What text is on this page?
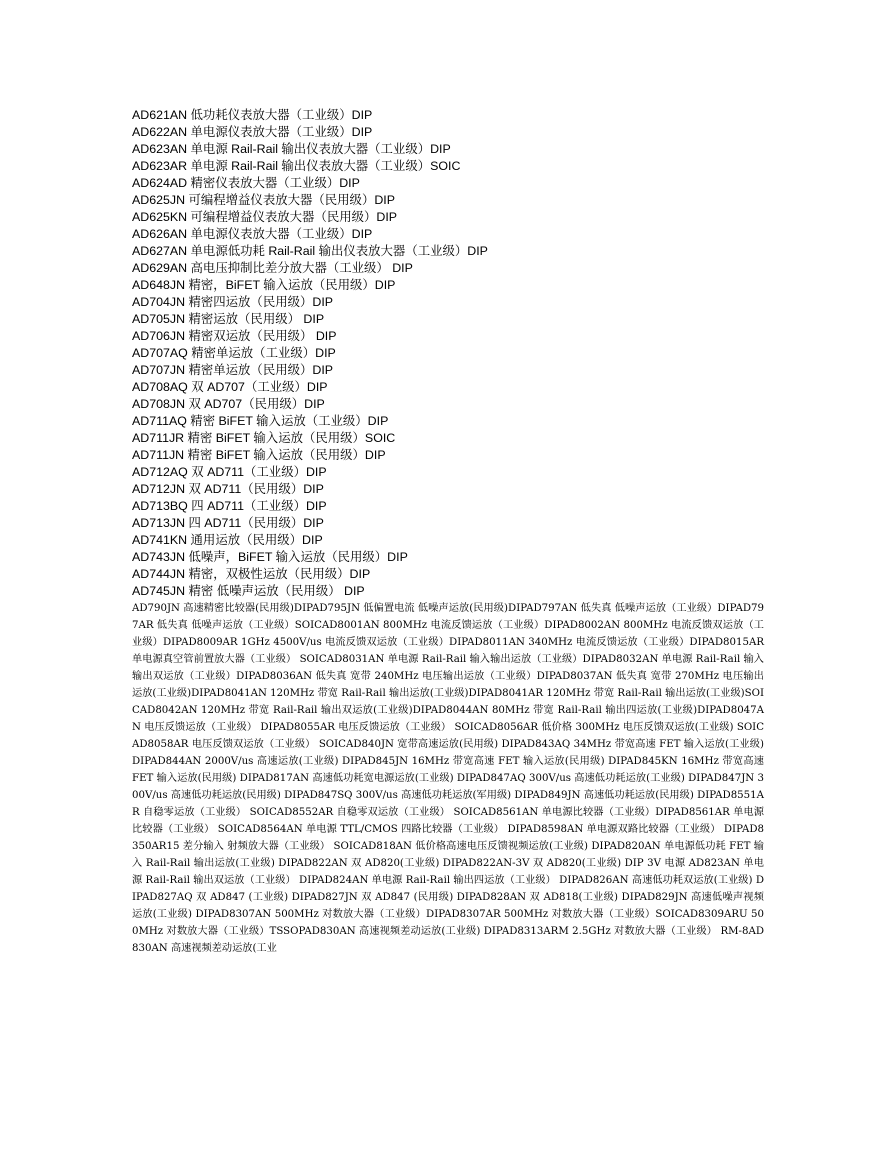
AD621AN 低功耗仪表放大器（工业级）DIP
AD622AN 单电源仪表放大器（工业级）DIP
AD623AN 单电源 Rail-Rail 输出仪表放大器（工业级）DIP
AD623AR 单电源 Rail-Rail 输出仪表放大器（工业级）SOIC
AD624AD 精密仪表放大器（工业级）DIP
AD625JN 可编程增益仪表放大器（民用级）DIP
AD625KN 可编程增益仪表放大器（民用级）DIP
AD626AN 单电源仪表放大器（工业级）DIP
AD627AN 单电源低功耗 Rail-Rail 输出仪表放大器（工业级）DIP
AD629AN 高电压抑制比差分放大器（工业级） DIP
AD648JN 精密，BiFET 输入运放（民用级）DIP
AD704JN 精密四运放（民用级）DIP
AD705JN 精密运放（民用级） DIP
AD706JN 精密双运放（民用级） DIP
AD707AQ 精密单运放（工业级）DIP
AD707JN 精密单运放（民用级）DIP
AD708AQ 双 AD707（工业级）DIP
AD708JN 双 AD707（民用级）DIP
AD711AQ 精密 BiFET 输入运放（工业级）DIP
AD711JR 精密 BiFET 输入运放（民用级）SOIC
AD711JN 精密 BiFET 输入运放（民用级）DIP
AD712AQ 双 AD711（工业级）DIP
AD712JN 双 AD711（民用级）DIP
AD713BQ 四 AD711（工业级）DIP
AD713JN 四 AD711（民用级）DIP
AD741KN 通用运放（民用级）DIP
AD743JN 低噪声，BiFET 输入运放（民用级）DIP
AD744JN 精密，双极性运放（民用级）DIP
AD745JN 精密 低噪声运放（民用级） DIP
AD790JN 高速精密比较器(民用级)DIPAD795JN 低偏置电流 低噪声运放(民用级)DIPAD797AN 低失真 低噪声运放（工业级）DIPAD797AR 低失真 低噪声运放（工业级）SOICAD8001AN 800MHz 电流反馈运放（工业级）DIPAD8002AN 800MHz 电流反馈双运放（工业级）DIPAD8009AR 1GHz 4500V/us 电流反馈双运放（工业级）DIPAD8011AN 340MHz 电流反馈运放（工业级）DIPAD8015AR 单电源真空管前置放大器（工业级） SOICAD8031AN 单电源 Rail-Rail 输入输出运放（工业级）DIPAD8032AN 单电源 Rail-Rail 输入输出双运放（工业级）DIPAD8036AN 低失真 宽带 240MHz 电压输出运放（工业级）DIPAD8037AN 低失真 宽带 270MHz 电压输出运放(工业级)DIPAD8041AN 120MHz 带宽 Rail-Rail 输出运放(工业级)DIPAD8041AR 120MHz 带宽 Rail-Rail 输出运放(工业级)SOICAD8042AN 120MHz 带宽 Rail-Rail 输出双运放(工业级)DIPAD8044AN 80MHz 带宽 Rail-Rail 输出四运放(工业级)DIPAD8047AN 电压反馈运放（工业级） DIPAD8055AR 电压反馈运放（工业级） SOICAD8056AR 低价格 300MHz 电压反馈双运放(工业级) SOICAD8058AR 电压反馈双运放（工业级） SOICAD840JN 宽带高速运放(民用级) DIPAD843AQ 34MHz 带宽高速 FET 输入运放(工业级) DIPAD844AN 2000V/us 高速运放(工业级) DIPAD845JN 16MHz 带宽高速 FET 输入运放(民用级) DIPAD845KN 16MHz 带宽高速 FET 输入运放(民用级) DIPAD817AN 高速低功耗宽电源运放(工业级) DIPAD847AQ 300V/us 高速低功耗运放(工业级) DIPAD847JN 300V/us 高速低功耗运放(民用级) DIPAD847SQ 300V/us 高速低功耗运放(军用级) DIPAD849JN 高速低功耗运放(民用级) DIPAD8551AR 自稳零运放（工业级） SOICAD8552AR 自稳零双运放（工业级） SOICAD8561AN 单电源比较器（工业级）DIPAD8561AR 单电源比较器（工业级） SOICAD8564AN 单电源 TTL/CMOS 四路比较器（工业级） DIPAD8598AN 单电源双路比较器（工业级） DIPAD8350AR15 差分输入 射频放大器（工业级） SOICAD818AN 低价格高速电压反馈视频运放(工业级) DIPAD820AN 单电源低功耗 FET 输入 Rail-Rail 输出运放(工业级) DIPAD822AN 双 AD820(工业级) DIPAD822AN-3V 双 AD820(工业级) DIP 3V 电源 AD823AN 单电源 Rail-Rail 输出双运放（工业级） DIPAD824AN 单电源 Rail-Rail 输出四运放（工业级） DIPAD826AN 高速低功耗双运放(工业级) DIPAD827AQ 双 AD847 (工业级) DIPAD827JN 双 AD847 (民用级) DIPAD828AN 双 AD818(工业级) DIPAD829JN 高速低噪声视频运放(工业级) DIPAD8307AN 500MHz 对数放大器（工业级）DIPAD8307AR 500MHz 对数放大器（工业级）SOICAD8309ARU 500MHz 对数放大器（工业级）TSSOPAD830AN 高速视频差动运放(工业级) DIPAD8313ARM 2.5GHz 对数放大器（工业级） RM-8AD830AN 高速视频差动运放(工业
